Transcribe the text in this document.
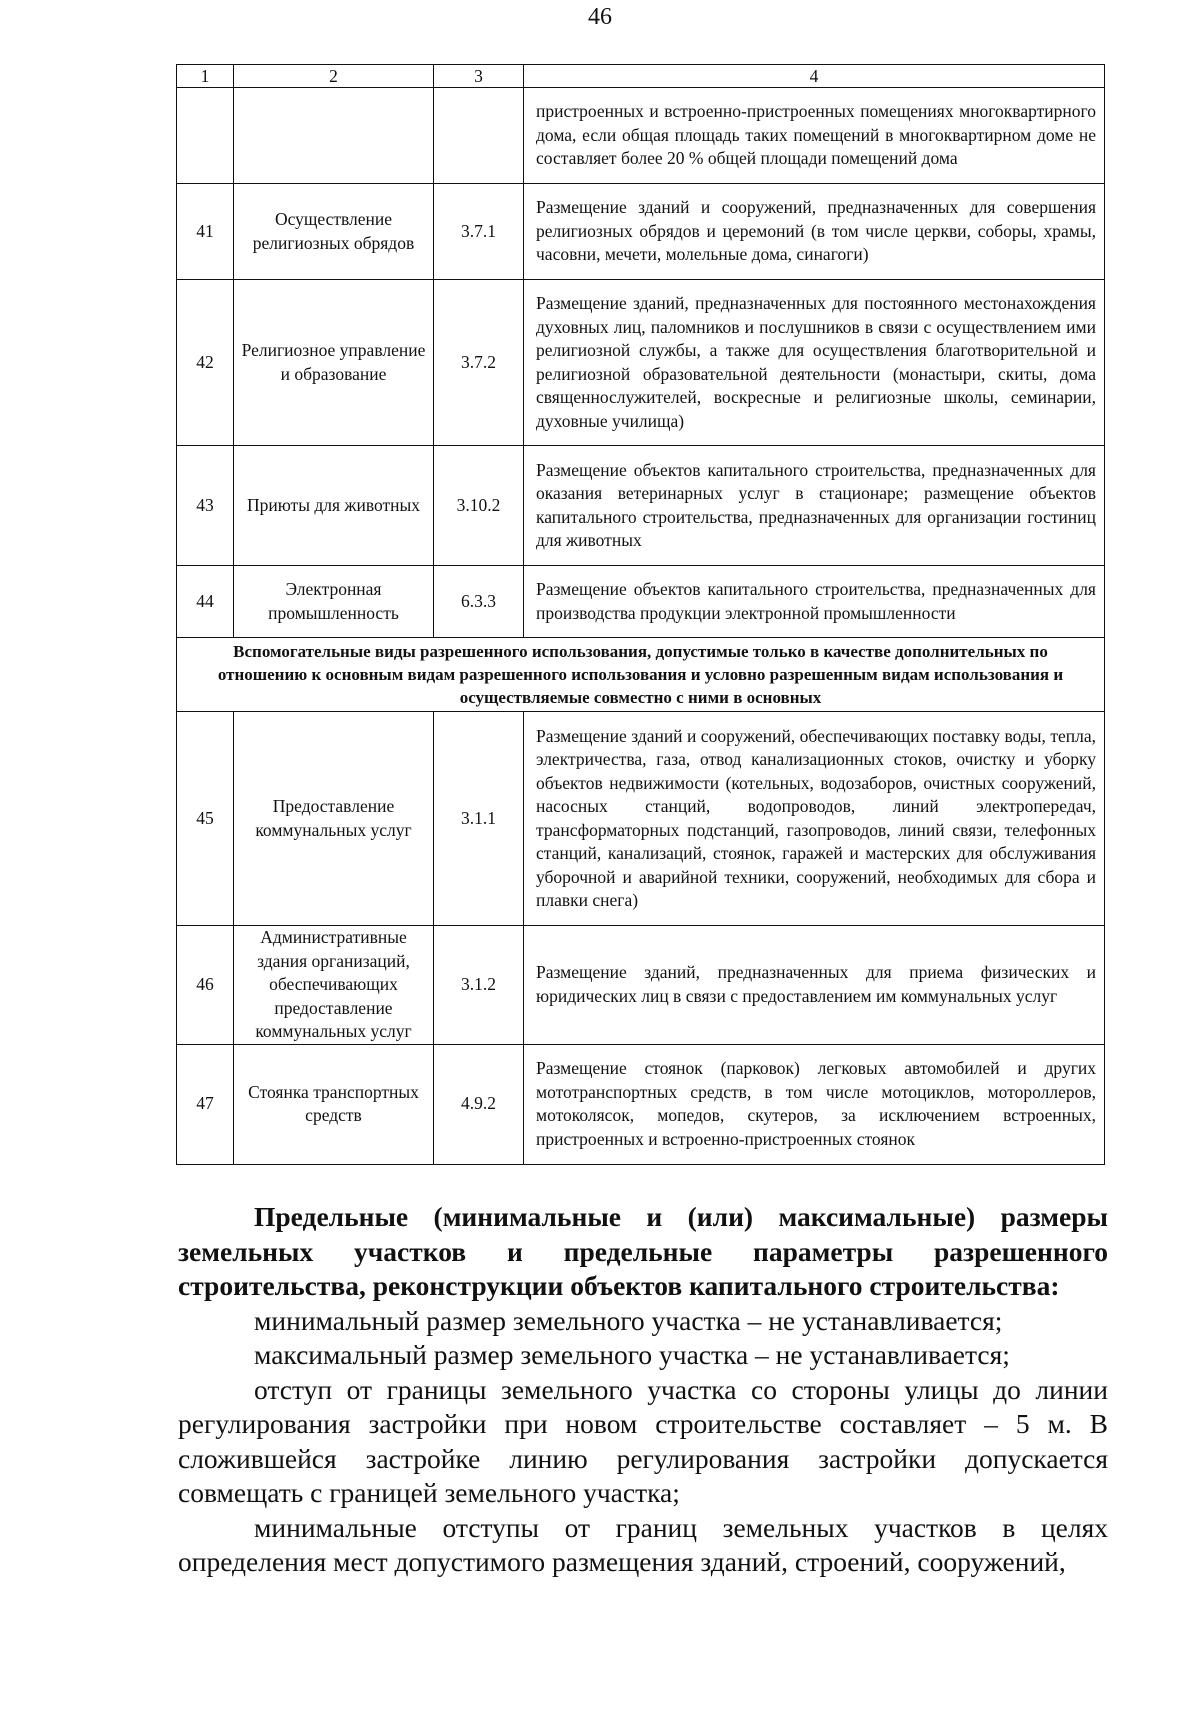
46
1	2	3	4
			пристроенных и встроенно-пристроенных помещениях многоквартирного дома, если общая площадь таких помещений в многоквартирном доме не составляет более 20 % общей площади помещений дома
41	Осуществление религиозных обрядов	3.7.1	Размещение зданий и сооружений, предназначенных для совершения религиозных обрядов и церемоний (в том числе церкви, соборы, храмы, часовни, мечети, молельные дома, синагоги)
42	Религиозное управление и образование	3.7.2	Размещение зданий, предназначенных для постоянного местонахождения духовных лиц, паломников и послушников в связи с осуществлением ими религиозной службы, а также для осуществления благотворительной и религиозной образовательной деятельности (монастыри, скиты, дома священнослужителей, воскресные и религиозные школы, семинарии, духовные училища)
43	Приюты для животных	3.10.2	Размещение объектов капитального строительства, предназначенных для оказания ветеринарных услуг в стационаре; размещение объектов капитального строительства, предназначенных для организации гостиниц для животных
44	Электронная промышленность	6.3.3	Размещение объектов капитального строительства, предназначенных для производства продукции электронной промышленности
Вспомогательные виды разрешенного использования, допустимые только в качестве дополнительных по отношению к основным видам разрешенного использования и условно разрешенным видам использования и осуществляемые совместно с ними в основных			
45	Предоставление коммунальных услуг	3.1.1	Размещение зданий и сооружений, обеспечивающих поставку воды, тепла, электричества, газа, отвод канализационных стоков, очистку и уборку объектов недвижимости (котельных, водозаборов, очистных сооружений, насосных станций, водопроводов, линий электропередач, трансформаторных подстанций, газопроводов, линий связи, телефонных станций, канализаций, стоянок, гаражей и мастерских для обслуживания уборочной и аварийной техники, сооружений, необходимых для сбора и плавки снега)
46	Административные здания организаций, обеспечивающих предоставление коммунальных услуг	3.1.2	Размещение зданий, предназначенных для приема физических и юридических лиц в связи с предоставлением им коммунальных услуг
47	Стоянка транспортных средств	4.9.2	Размещение стоянок (парковок) легковых автомобилей и других мототранспортных средств, в том числе мотоциклов, мотороллеров, мотоколясок, мопедов, скутеров, за исключением встроенных, пристроенных и встроенно-пристроенных стоянок
Предельные (минимальные и (или) максимальные) размеры земельных участков и предельные параметры разрешенного строительства, реконструкции объектов капитального строительства:

минимальный размер земельного участка – не устанавливается;

максимальный размер земельного участка – не устанавливается;

отступ от границы земельного участка со стороны улицы до линии регулирования застройки при новом строительстве составляет – 5 м. В сложившейся застройке линию регулирования застройки допускается совмещать с границей земельного участка;

минимальные отступы от границ земельных участков в целях определения мест допустимого размещения зданий, строений, сооружений,
